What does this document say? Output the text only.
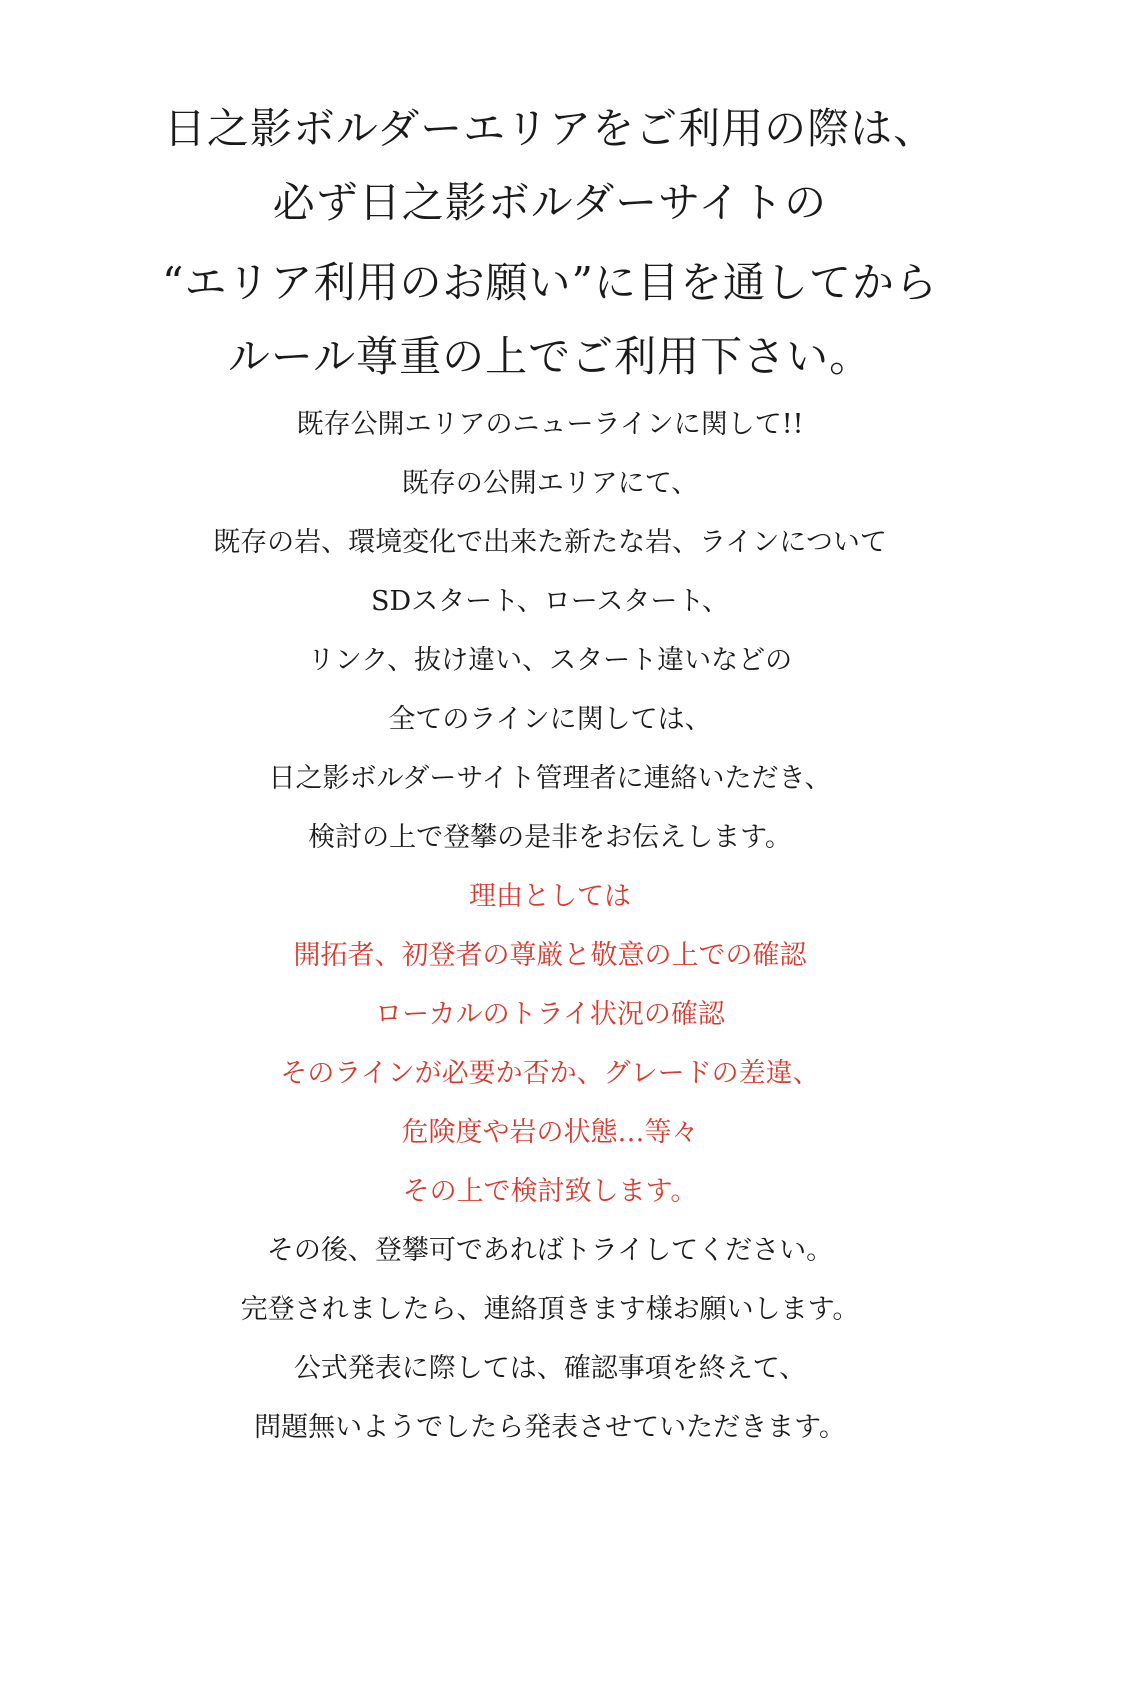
日之影ボルダーエリアをご利用の際は、
必ず日之影ボルダーサイトの
“エリア利用のお願い”に目を通してから
ルール尊重の上でご利用下さい。
既存公開エリアのニューラインに関して!!
既存の公開エリアにて、
既存の岩、環境変化で出来た新たな岩、ラインについて
SDスタート、ロースタート、
リンク、抜け違い、スタート違いなどの
全てのラインに関しては、
日之影ボルダーサイト管理者に連絡いただき、
検討の上で登攀の是非をお伝えします。
理由としては
開拓者、初登者の尊厳と敬意の上での確認
ローカルのトライ状況の確認
そのラインが必要か否か、グレードの差違、
危険度や岩の状態…等々
その上で検討致します。
その後、登攀可であればトライしてください。
完登されましたら、連絡頂きます様お願いします。
公式発表に際しては、確認事項を終えて、
問題無いようでしたら発表させていただきます。
